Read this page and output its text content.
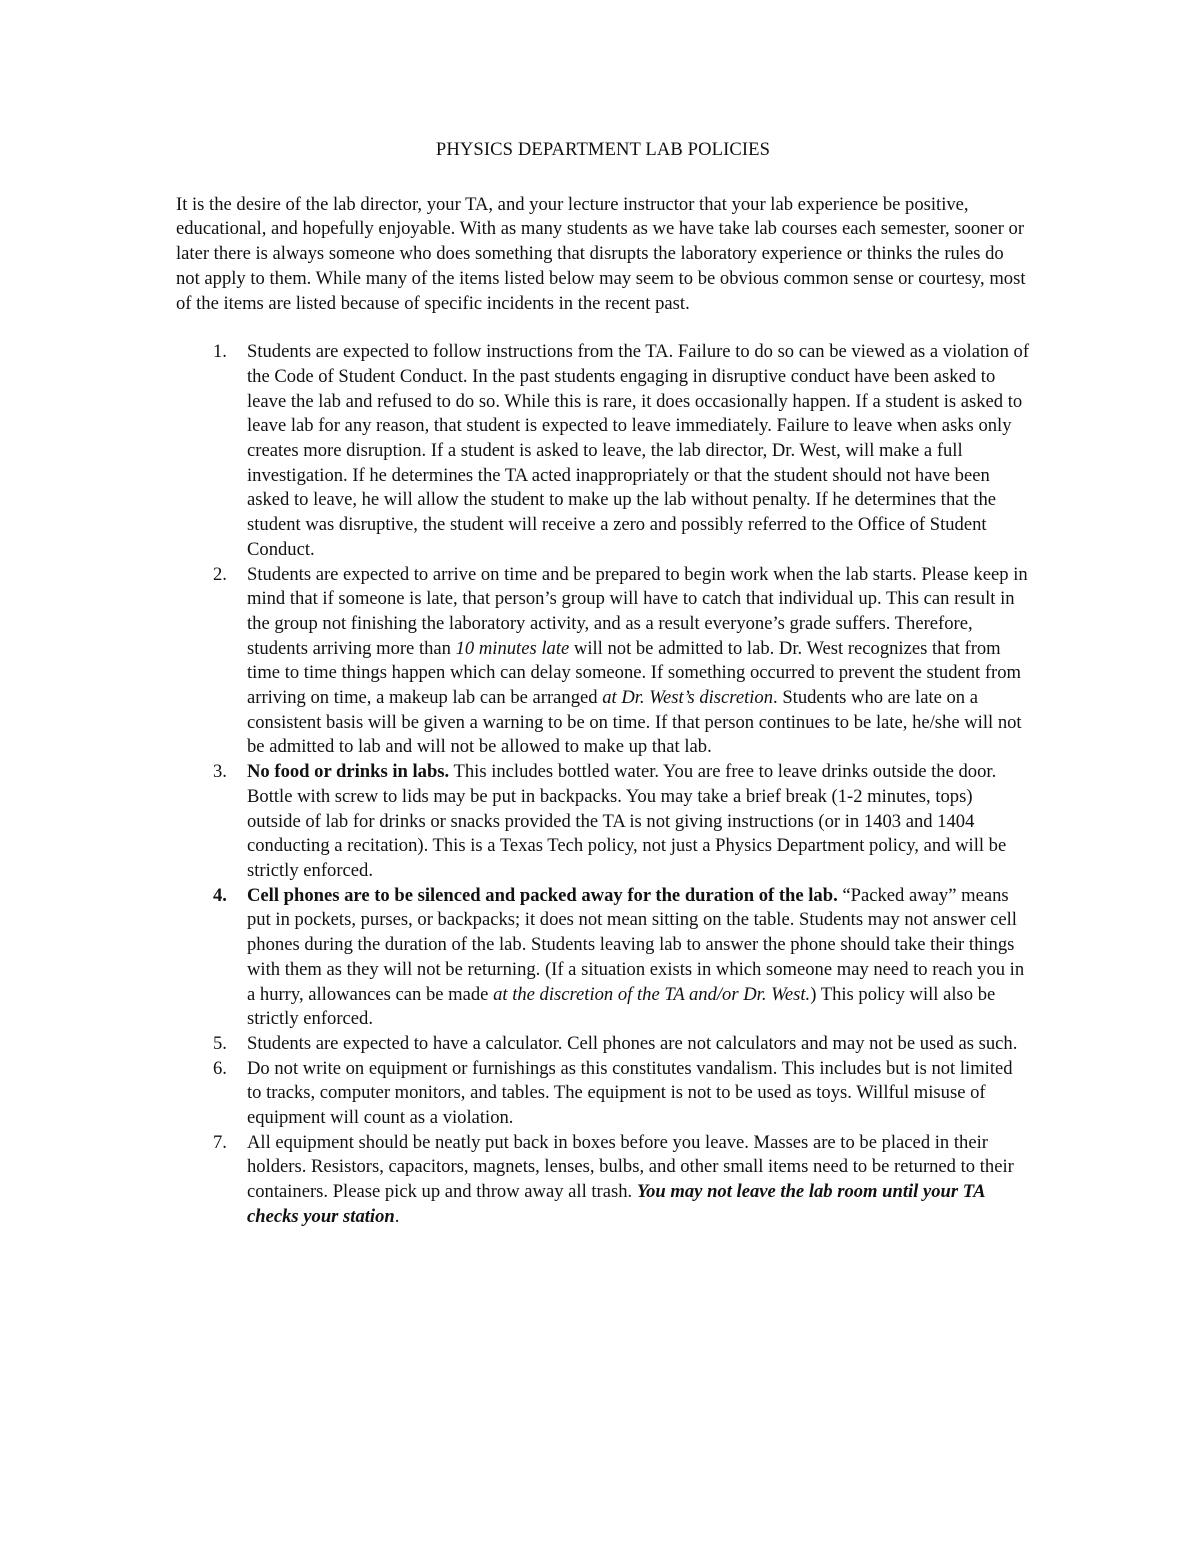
PHYSICS DEPARTMENT LAB POLICIES

It is the desire of the lab director, your TA, and your lecture instructor that your lab experience be positive, educational, and hopefully enjoyable. With as many students as we have take lab courses each semester, sooner or later there is always someone who does something that disrupts the laboratory experience or thinks the rules do not apply to them. While many of the items listed below may seem to be obvious common sense or courtesy, most of the items are listed because of specific incidents in the recent past.

1. Students are expected to follow instructions from the TA. Failure to do so can be viewed as a violation of the Code of Student Conduct. In the past students engaging in disruptive conduct have been asked to leave the lab and refused to do so. While this is rare, it does occasionally happen. If a student is asked to leave lab for any reason, that student is expected to leave immediately. Failure to leave when asks only creates more disruption. If a student is asked to leave, the lab director, Dr. West, will make a full investigation. If he determines the TA acted inappropriately or that the student should not have been asked to leave, he will allow the student to make up the lab without penalty. If he determines that the student was disruptive, the student will receive a zero and possibly referred to the Office of Student Conduct.
2. Students are expected to arrive on time and be prepared to begin work when the lab starts. Please keep in mind that if someone is late, that person’s group will have to catch that individual up. This can result in the group not finishing the laboratory activity, and as a result everyone’s grade suffers. Therefore, students arriving more than 10 minutes late will not be admitted to lab. Dr. West recognizes that from time to time things happen which can delay someone. If something occurred to prevent the student from arriving on time, a makeup lab can be arranged at Dr. West’s discretion. Students who are late on a consistent basis will be given a warning to be on time. If that person continues to be late, he/she will not be admitted to lab and will not be allowed to make up that lab.
3. No food or drinks in labs. This includes bottled water. You are free to leave drinks outside the door. Bottle with screw to lids may be put in backpacks. You may take a brief break (1-2 minutes, tops) outside of lab for drinks or snacks provided the TA is not giving instructions (or in 1403 and 1404 conducting a recitation). This is a Texas Tech policy, not just a Physics Department policy, and will be strictly enforced.
4. Cell phones are to be silenced and packed away for the duration of the lab. “Packed away” means put in pockets, purses, or backpacks; it does not mean sitting on the table. Students may not answer cell phones during the duration of the lab. Students leaving lab to answer the phone should take their things with them as they will not be returning. (If a situation exists in which someone may need to reach you in a hurry, allowances can be made at the discretion of the TA and/or Dr. West.) This policy will also be strictly enforced.
5. Students are expected to have a calculator. Cell phones are not calculators and may not be used as such.
6. Do not write on equipment or furnishings as this constitutes vandalism. This includes but is not limited to tracks, computer monitors, and tables. The equipment is not to be used as toys. Willful misuse of equipment will count as a violation.
7. All equipment should be neatly put back in boxes before you leave. Masses are to be placed in their holders. Resistors, capacitors, magnets, lenses, bulbs, and other small items need to be returned to their containers. Please pick up and throw away all trash. You may not leave the lab room until your TA checks your station.
